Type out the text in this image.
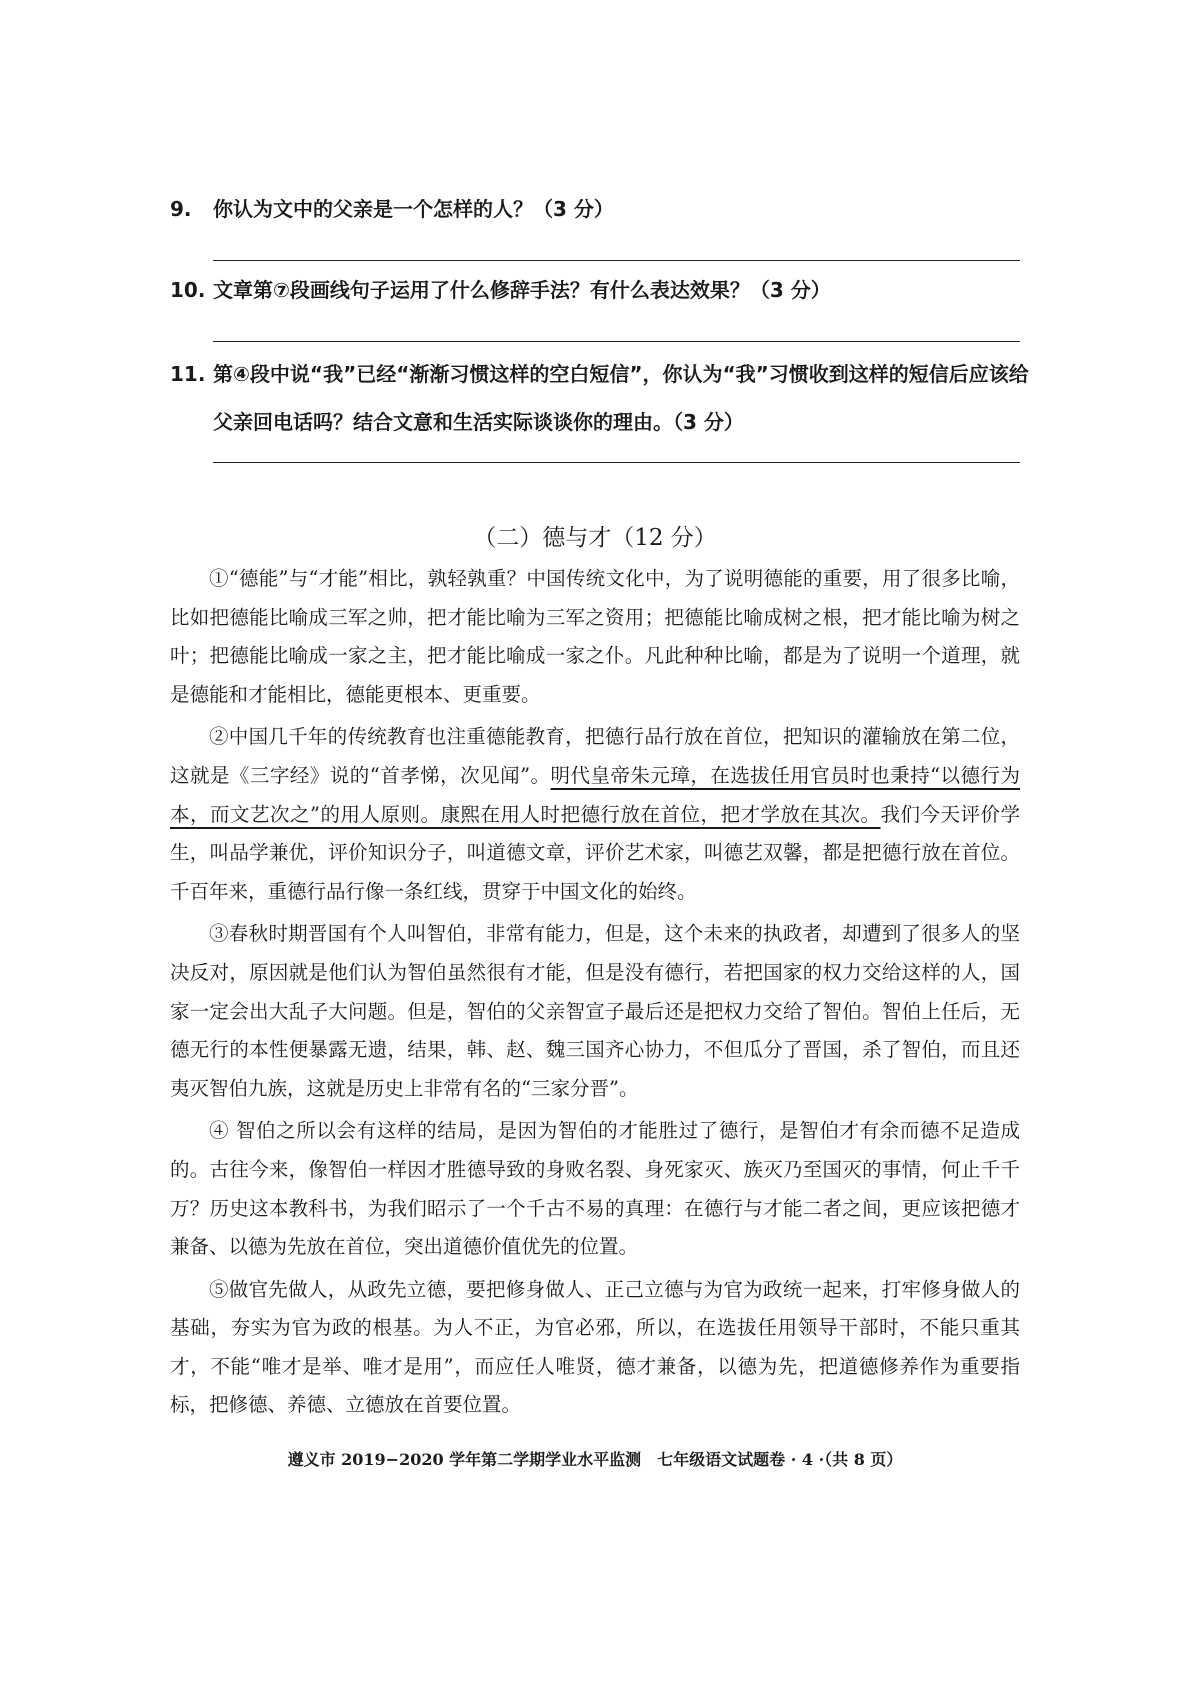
9. 你认为文中的父亲是一个怎样的人？（3 分）
10. 文章第⑦段画线句子运用了什么修辞手法？有什么表达效果？（3 分）
11. 第④段中说“我”已经“渐渐习惯这样的空白短信”，你认为“我”习惯收到这样的短信后应该给父亲回电话吗？结合文意和生活实际谈谈你的理由。（3 分）
（二）德与才（12 分）

①“德能”与“才能”相比，孰轻孰重？中国传统文化中，为了说明德能的重要，用了很多比喻，比如把德能比喻成三军之帅，把才能比喻为三军之资用；把德能比喻成树之根，把才能比喻为树之叶；把德能比喻成一家之主，把才能比喻成一家之仆。凡此种种比喻，都是为了说明一个道理，就是德能和才能相比，德能更根本、更重要。

②中国几千年的传统教育也注重德能教育，把德行品行放在首位，把知识的灌输放在第二位，这就是《三字经》说的“首孝悌，次见闻”。明代皇帝朱元璋，在选拔任用官员时也秉持“以德行为本，而文艺次之”的用人原则。康熙在用人时把德行放在首位，把才学放在其次。我们今天评价学生，叫品学兼优，评价知识分子，叫道德文章，评价艺术家，叫德艺双馨，都是把德行放在首位。千百年来，重德行品行像一条红线，贯穿于中国文化的始终。

③春秋时期晋国有个人叫智伯，非常有能力，但是，这个未来的执政者，却遭到了很多人的坚决反对，原因就是他们认为智伯虽然很有才能，但是没有德行，若把国家的权力交给这样的人，国家一定会出大乱子大问题。但是，智伯的父亲智宣子最后还是把权力交给了智伯。智伯上任后，无德无行的本性便暴露无遗，结果，韩、赵、魏三国齐心协力，不但瓜分了晋国，杀了智伯，而且还夷灭智伯九族，这就是历史上非常有名的“三家分晋”。

④ 智伯之所以会有这样的结局，是因为智伯的才能胜过了德行，是智伯才有余而德不足造成的。古往今来，像智伯一样因才胜德导致的身败名裂、身死家灭、族灭乃至国灭的事情，何止千千万？历史这本教科书，为我们昭示了一个千古不易的真理：在德行与才能二者之间，更应该把德才兼备、以德为先放在首位，突出道德价值优先的位置。

⑤做官先做人，从政先立德，要把修身做人、正己立德与为官为政统一起来，打牢修身做人的基础，夯实为官为政的根基。为人不正，为官必邪，所以，在选拔任用领导干部时，不能只重其才，不能“唯才是举、唯才是用”，而应任人唯贤，德才兼备，以德为先，把道德修养作为重要指标，把修德、养德、立德放在首要位置。

遵义市 2019−2020 学年第二学期学业水平监测　七年级语文试题卷 · 4 ·（共 8 页）
